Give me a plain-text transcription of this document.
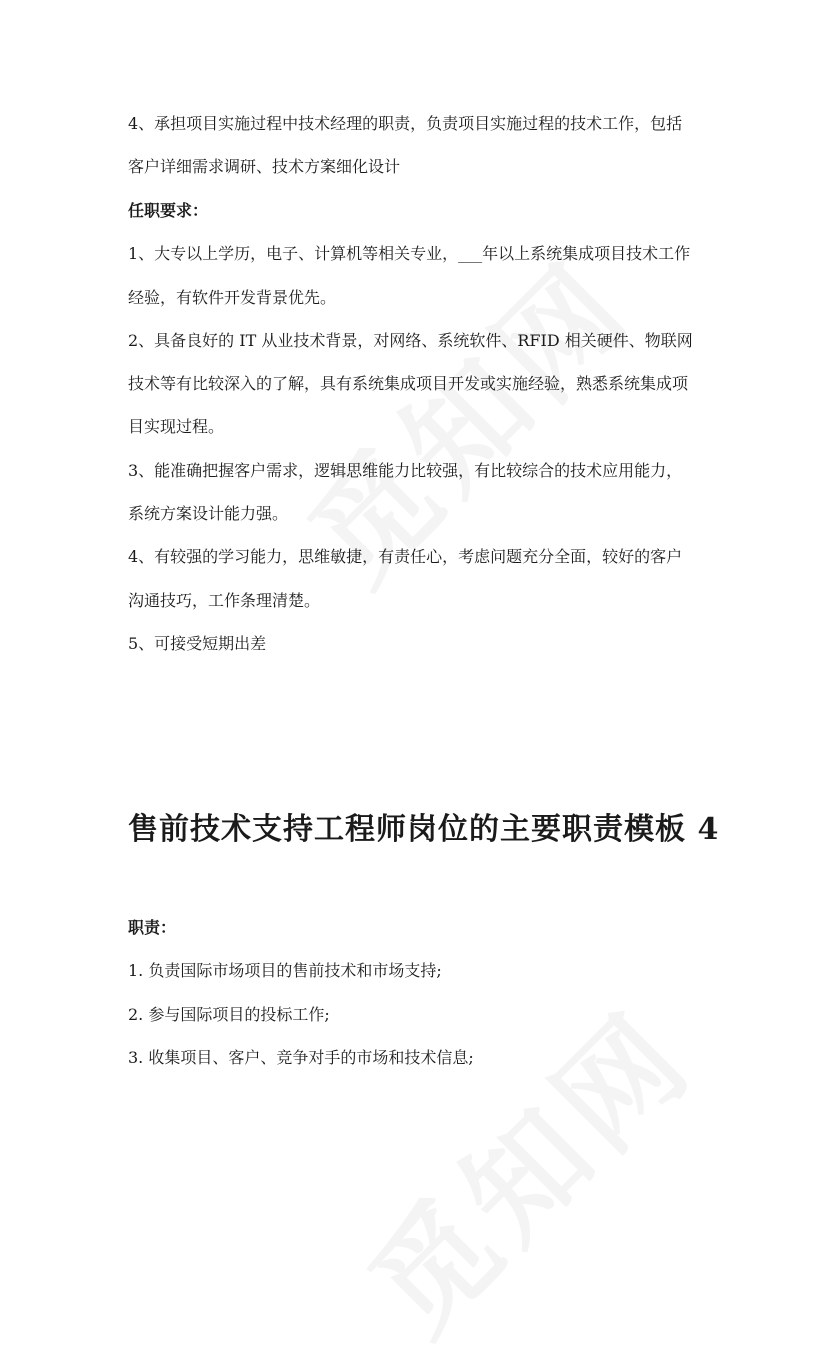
4、承担项目实施过程中技术经理的职责，负责项目实施过程的技术工作，包括
客户详细需求调研、技术方案细化设计
任职要求：
1、大专以上学历，电子、计算机等相关专业，___年以上系统集成项目技术工作
经验，有软件开发背景优先。
2、具备良好的 IT 从业技术背景，对网络、系统软件、RFID 相关硬件、物联网
技术等有比较深入的了解，具有系统集成项目开发或实施经验，熟悉系统集成项
目实现过程。
3、能准确把握客户需求，逻辑思维能力比较强，有比较综合的技术应用能力，
系统方案设计能力强。
4、有较强的学习能力，思维敏捷，有责任心，考虑问题充分全面，较好的客户
沟通技巧，工作条理清楚。
5、可接受短期出差
售前技术支持工程师岗位的主要职责模板 4
职责：
1. 负责国际市场项目的售前技术和市场支持;
2. 参与国际项目的投标工作;
3. 收集项目、客户、竞争对手的市场和技术信息;
